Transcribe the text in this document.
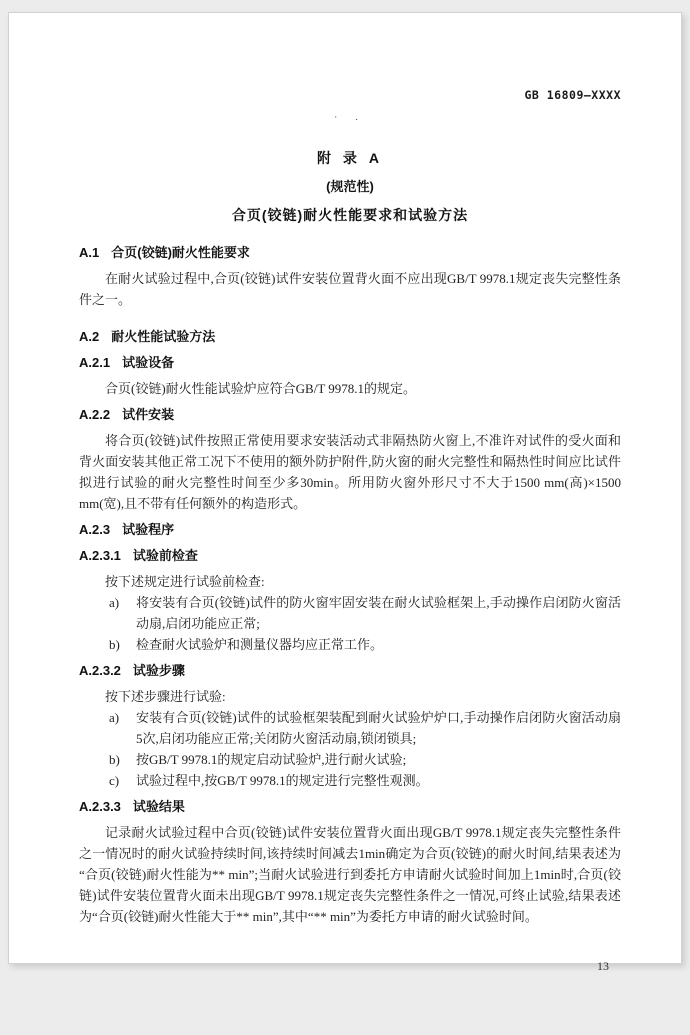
GB 16809—XXXX
· .
附 录 A
(规范性)
合页(铰链)耐火性能要求和试验方法
A.1 合页(铰链)耐火性能要求
在耐火试验过程中,合页(铰链)试件安装位置背火面不应出现GB/T 9978.1规定丧失完整性条件之一。
A.2 耐火性能试验方法
A.2.1 试验设备
合页(铰链)耐火性能试验炉应符合GB/T 9978.1的规定。
A.2.2 试件安装
将合页(铰链)试件按照正常使用要求安装活动式非隔热防火窗上,不准许对试件的受火面和背火面安装其他正常工况下不使用的额外防护附件,防火窗的耐火完整性和隔热性时间应比试件拟进行试验的耐火完整性时间至少多30min。所用防火窗外形尺寸不大于1500 mm(高)×1500 mm(宽),且不带有任何额外的构造形式。
A.2.3 试验程序
A.2.3.1 试验前检查
按下述规定进行试验前检查:
a)	将安装有合页(铰链)试件的防火窗牢固安装在耐火试验框架上,手动操作启闭防火窗活动扇,启闭功能应正常;
b)	检查耐火试验炉和测量仪器均应正常工作。
A.2.3.2 试验步骤
按下述步骤进行试验:
a)	安装有合页(铰链)试件的试验框架装配到耐火试验炉炉口,手动操作启闭防火窗活动扇5次,启闭功能应正常;关闭防火窗活动扇,锁闭锁具;
b)	按GB/T 9978.1的规定启动试验炉,进行耐火试验;
c)	试验过程中,按GB/T 9978.1的规定进行完整性观测。
A.2.3.3 试验结果
记录耐火试验过程中合页(铰链)试件安装位置背火面出现GB/T 9978.1规定丧失完整性条件之一情况时的耐火试验持续时间,该持续时间减去1min确定为合页(铰链)的耐火时间,结果表述为“合页(铰链)耐火性能为** min”;当耐火试验进行到委托方申请耐火试验时间加上1min时,合页(铰链)试件安装位置背火面未出现GB/T 9978.1规定丧失完整性条件之一情况,可终止试验,结果表述为“合页(铰链)耐火性能大于** min”,其中“** min”为委托方申请的耐火试验时间。
13
